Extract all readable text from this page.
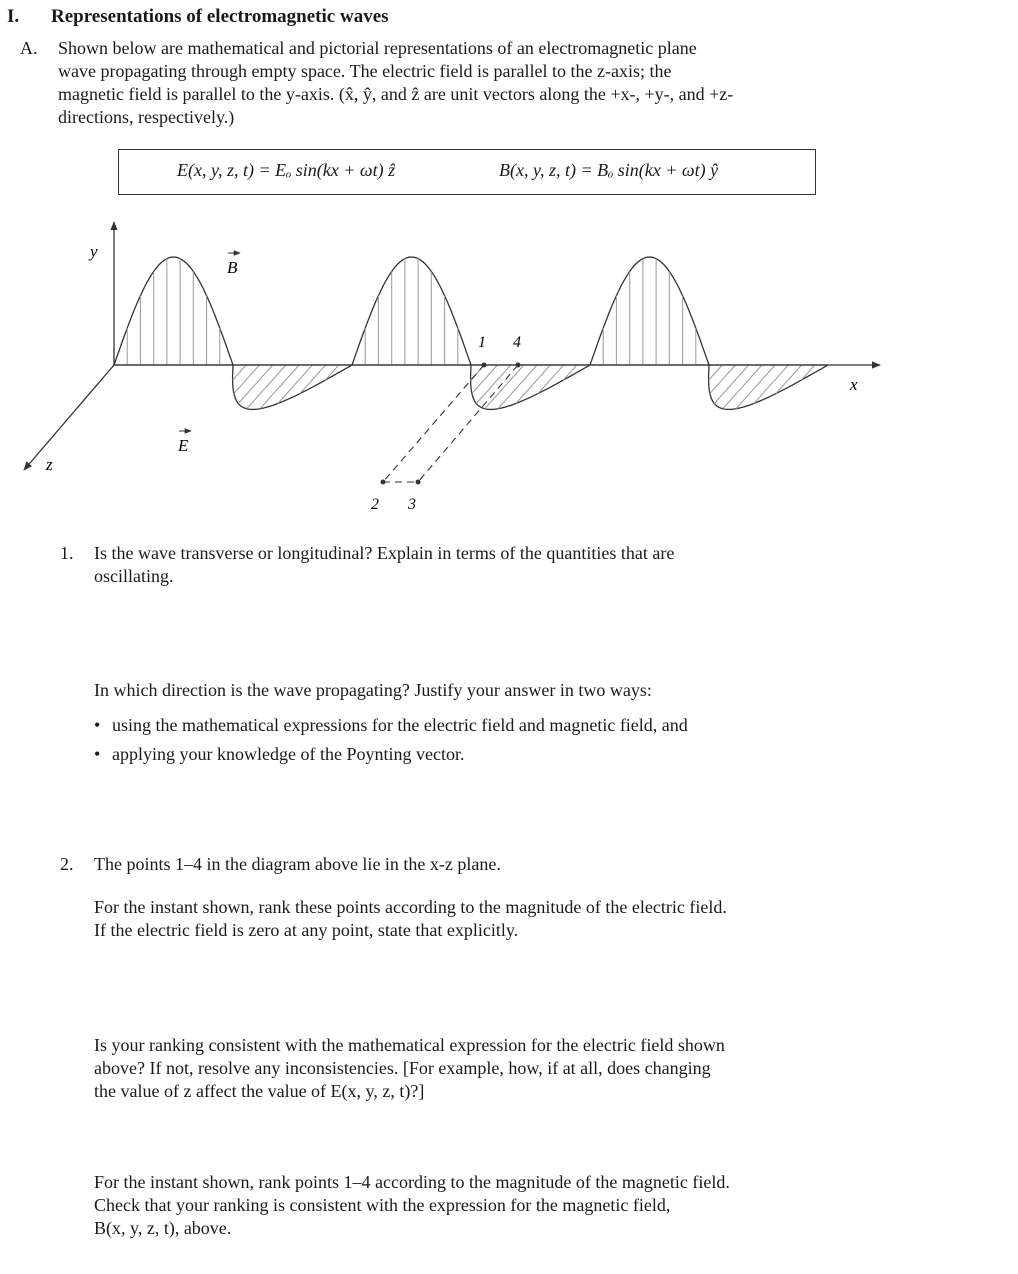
I. Representations of electromagnetic waves
A. Shown below are mathematical and pictorial representations of an electromagnetic plane
wave propagating through empty space. The electric field is parallel to the z-axis; the
magnetic field is parallel to the y-axis. (x̂, ŷ, and ẑ are unit vectors along the +x-, +y-, and +z-
directions, respectively.)
E(x, y, z, t) = Eₒ sin(kx + ωt) ẑ	B(x, y, z, t) = Bₒ sin(kx + ωt) ŷ
y
x
z
B
E
1 4
2 3
1. Is the wave transverse or longitudinal? Explain in terms of the quantities that are
oscillating.
In which direction is the wave propagating? Justify your answer in two ways:
• using the mathematical expressions for the electric field and magnetic field, and
• applying your knowledge of the Poynting vector.
2. The points 1–4 in the diagram above lie in the x-z plane.
For the instant shown, rank these points according to the magnitude of the electric field.
If the electric field is zero at any point, state that explicitly.
Is your ranking consistent with the mathematical expression for the electric field shown
above? If not, resolve any inconsistencies. [For example, how, if at all, does changing
the value of z affect the value of E(x, y, z, t)?]
For the instant shown, rank points 1–4 according to the magnitude of the magnetic field.
Check that your ranking is consistent with the expression for the magnetic field,
B(x, y, z, t), above.
